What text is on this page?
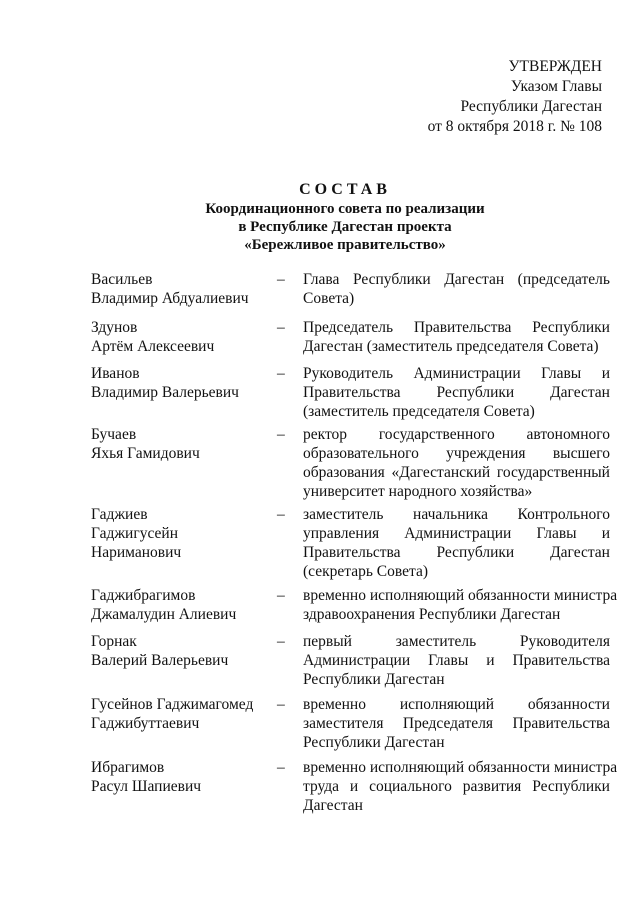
УТВЕРЖДЕН
Указом Главы
Республики Дагестан
от 8 октября 2018 г. № 108
СОСТАВ
Координационного совета по реализации
в Республике Дагестан проекта
«Бережливое правительство»
Васильев
Владимир Абдуалиевич
– Глава Республики Дагестан (председатель
Совета)
Здунов
Артём Алексеевич
– Председатель Правительства Республики
Дагестан (заместитель председателя Совета)
Иванов
Владимир Валерьевич
– Руководитель Администрации Главы и
Правительства Республики Дагестан
(заместитель председателя Совета)
Бучаев
Яхья Гамидович
– ректор государственного автономного
образовательного учреждения высшего
образования «Дагестанский государственный
университет народного хозяйства»
Гаджиев
Гаджигусейн
Нариманович
– заместитель начальника Контрольного
управления Администрации Главы и
Правительства Республики Дагестан
(секретарь Совета)
Гаджибрагимов
Джамалудин Алиевич
– временно исполняющий обязанности министра
здравоохранения Республики Дагестан
Горнак
Валерий Валерьевич
– первый	заместитель	Руководителя
Администрации Главы и Правительства
Республики Дагестан
Гусейнов Гаджимагомед
Гаджибуттаевич
– временно исполняющий обязанности
заместителя Председателя Правительства
Республики Дагестан
Ибрагимов
Расул Шапиевич
– временно исполняющий обязанности министра
труда и социального развития Республики
Дагестан
